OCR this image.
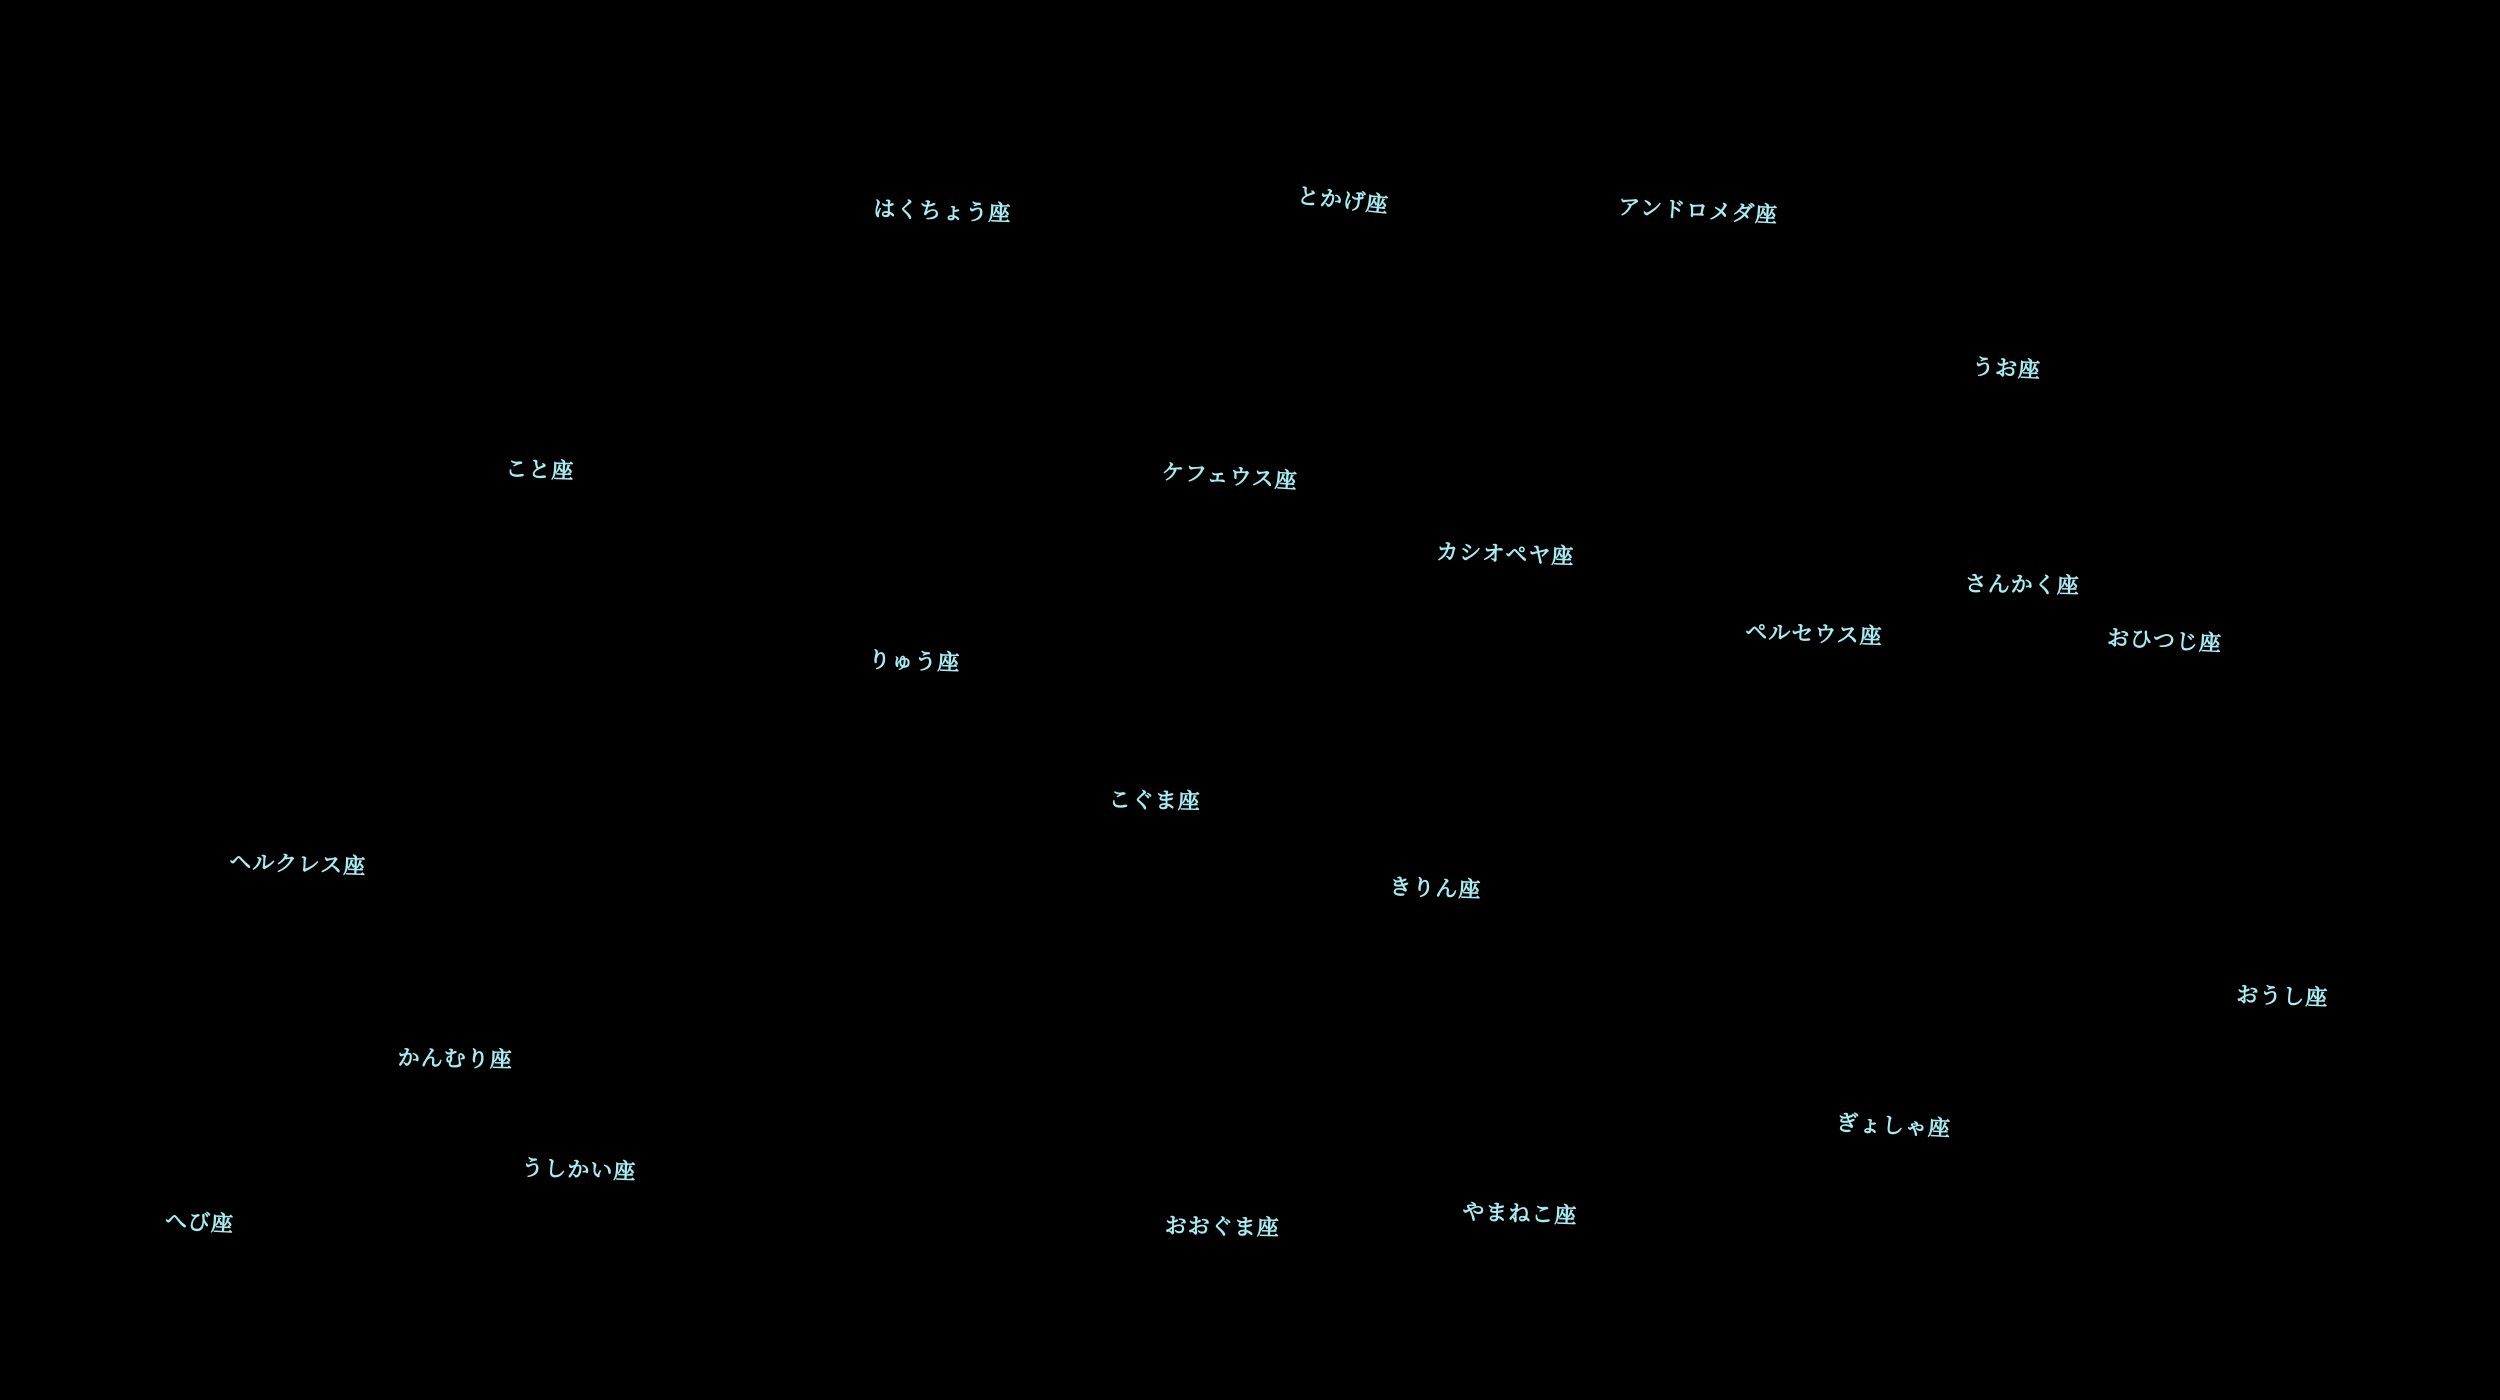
はくちょう座	とかげ座	アンドロメダ座
うお座
こと座	ケフェウス座
カシオペヤ座
さんかく座
ペルセウス座	おひつじ座
りゅう座
こぐま座
ヘルクレス座
きりん座
おうし座
かんむり座
ぎょしゃ座
うしかい座
へび座	おおぐま座	やまねこ座
